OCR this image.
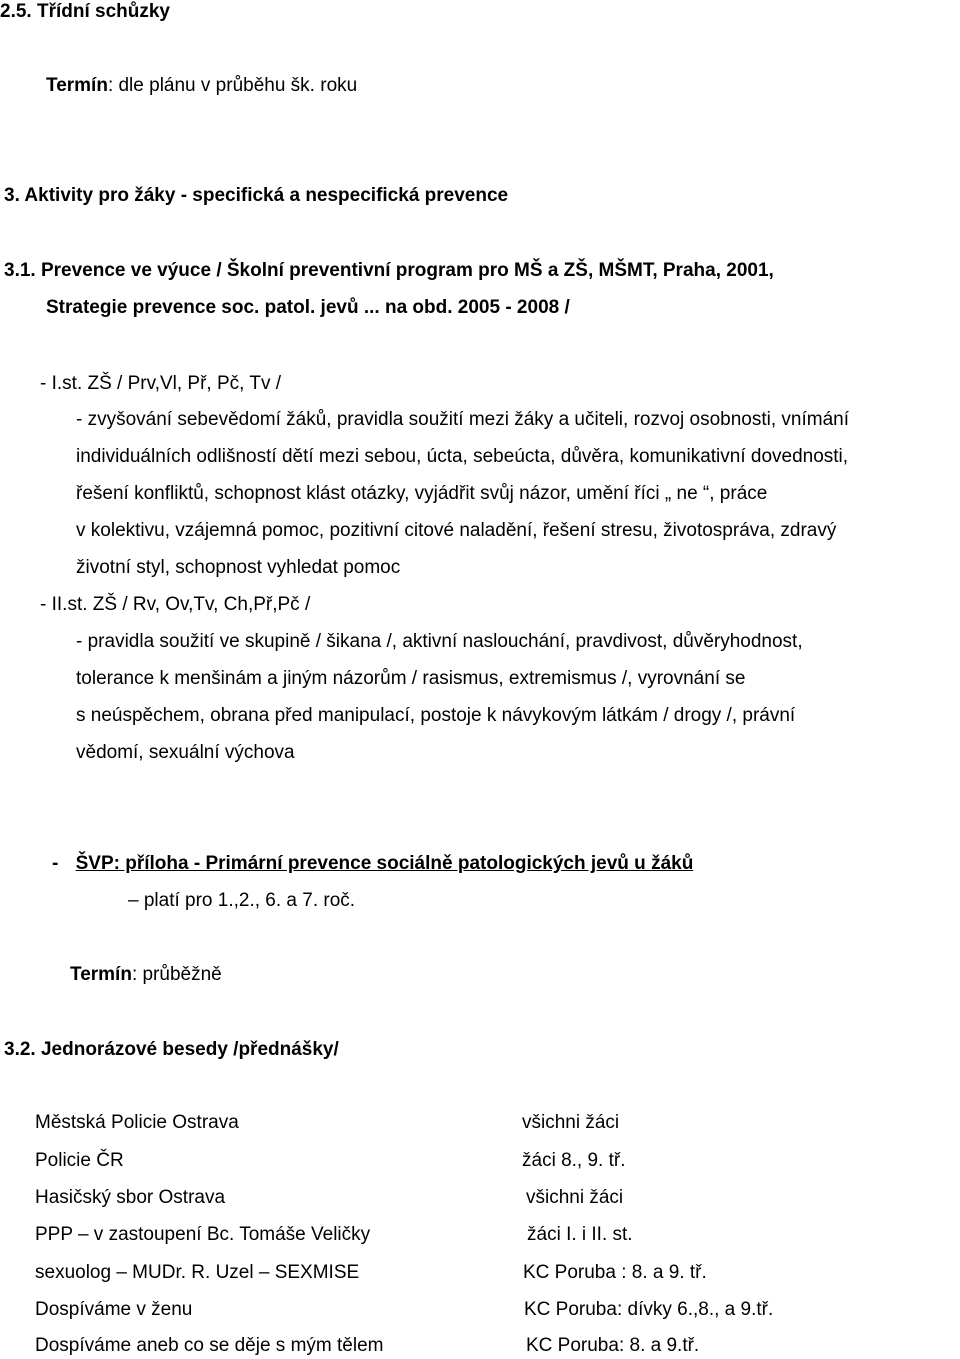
2.5. Třídní schůzky
Termín: dle plánu v průběhu šk. roku
3. Aktivity pro žáky - specifická a nespecifická prevence
3.1. Prevence ve výuce / Školní preventivní program pro MŠ a ZŠ, MŠMT, Praha, 2001,
Strategie prevence soc. patol. jevů ... na obd. 2005 - 2008 /
- I.st. ZŠ / Prv,Vl, Př, Pč, Tv /
- zvyšování sebevědomí žáků, pravidla soužití mezi žáky a učiteli, rozvoj osobnosti, vnímání
individuálních odlišností dětí mezi sebou, úcta, sebeúcta, důvěra, komunikativní dovednosti,
řešení konfliktů, schopnost klást otázky, vyjádřit svůj názor, umění říci „ ne “, práce
v kolektivu, vzájemná pomoc, pozitivní citové naladění, řešení stresu, životospráva, zdravý
životní styl, schopnost vyhledat pomoc
- II.st. ZŠ / Rv, Ov,Tv, Ch,Př,Pč /
- pravidla soužití ve skupině / šikana /, aktivní naslouchání, pravdivost, důvěryhodnost,
tolerance k menšinám a jiným názorům / rasismus, extremismus /, vyrovnání se
s neúspěchem, obrana před manipulací, postoje k návykovým látkám / drogy /, právní
vědomí, sexuální výchova
- ŠVP: příloha - Primární prevence sociálně patologických jevů u žáků
– platí pro 1.,2., 6. a 7. roč.
Termín: průběžně
3.2. Jednorázové besedy /přednášky/
Městská Policie Ostrava	všichni žáci
Policie ČR	žáci 8., 9. tř.
Hasičský sbor Ostrava	všichni žáci
PPP – v zastoupení Bc. Tomáše Veličky	žáci I. i II. st.
sexuolog – MUDr. R. Uzel – SEXMISE	KC Poruba : 8. a 9. tř.
Dospíváme v ženu	KC Poruba: dívky 6.,8., a 9.tř.
Dospíváme aneb co se děje s mým tělem	KC Poruba: 8. a 9.tř.
